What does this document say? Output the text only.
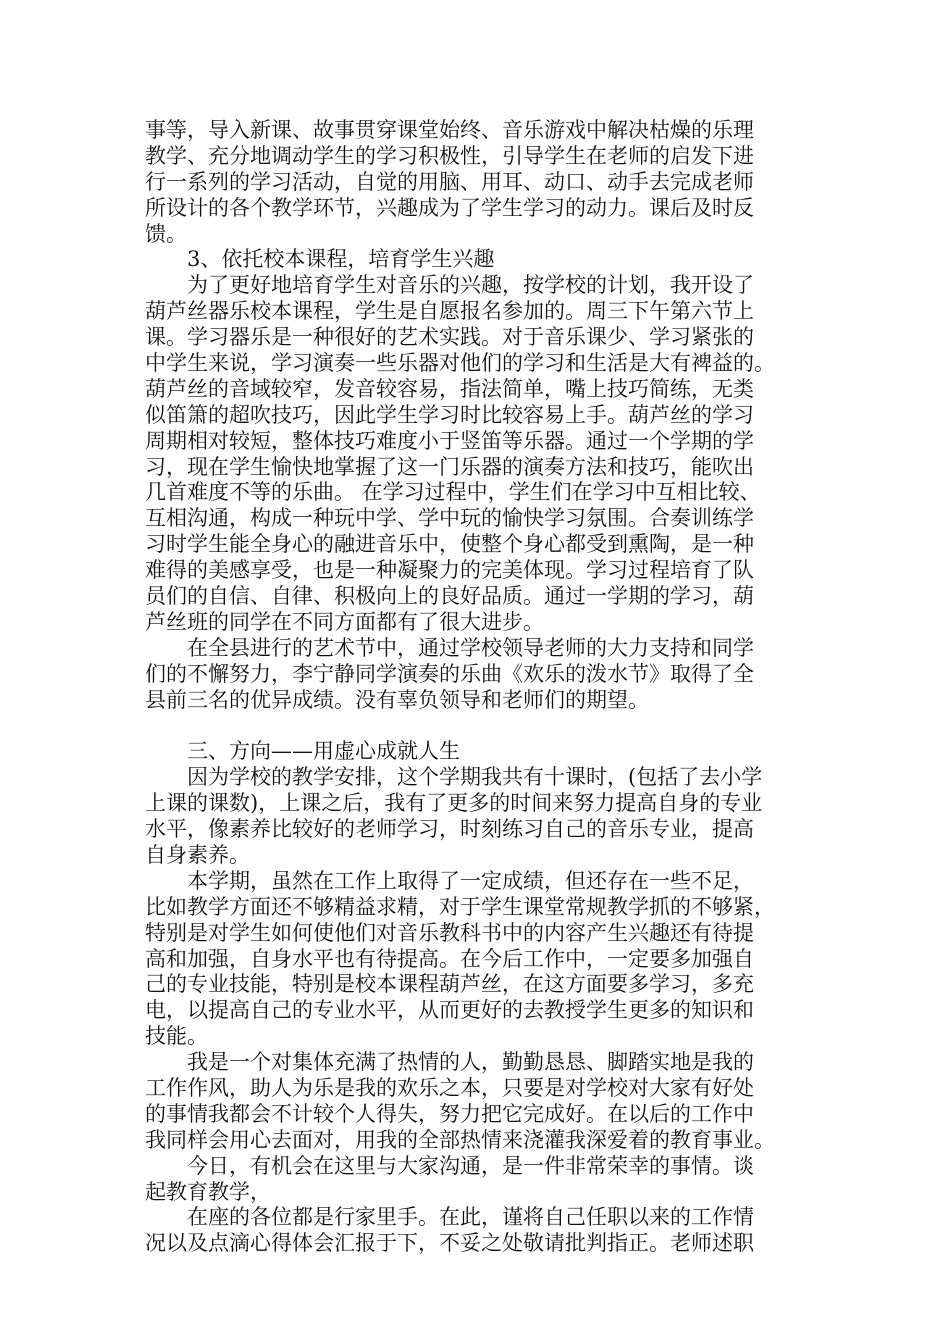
事等，导入新课、故事贯穿课堂始终、音乐游戏中解决枯燥的乐理
教学、充分地调动学生的学习积极性，引导学生在老师的启发下进
行一系列的学习活动，自觉的用脑、用耳、动口、动手去完成老师
所设计的各个教学环节，兴趣成为了学生学习的动力。课后及时反
馈。
3、依托校本课程，培育学生兴趣
为了更好地培育学生对音乐的兴趣，按学校的计划，我开设了
葫芦丝器乐校本课程，学生是自愿报名参加的。周三下午第六节上
课。学习器乐是一种很好的艺术实践。对于音乐课少、学习紧张的
中学生来说，学习演奏一些乐器对他们的学习和生活是大有裨益的。
葫芦丝的音域较窄，发音较容易，指法简单，嘴上技巧简练，无类
似笛箫的超吹技巧，因此学生学习时比较容易上手。葫芦丝的学习
周期相对较短，整体技巧难度小于竖笛等乐器。通过一个学期的学
习，现在学生愉快地掌握了这一门乐器的演奏方法和技巧，能吹出
几首难度不等的乐曲。 在学习过程中，学生们在学习中互相比较、
互相沟通，构成一种玩中学、学中玩的愉快学习氛围。合奏训练学
习时学生能全身心的融进音乐中，使整个身心都受到熏陶，是一种
难得的美感享受，也是一种凝聚力的完美体现。学习过程培育了队
员们的自信、自律、积极向上的良好品质。通过一学期的学习，葫
芦丝班的同学在不同方面都有了很大进步。
在全县进行的艺术节中，通过学校领导老师的大力支持和同学
们的不懈努力，李宁静同学演奏的乐曲《欢乐的泼水节》取得了全
县前三名的优异成绩。没有辜负领导和老师们的期望。
三、方向——用虚心成就人生
因为学校的教学安排，这个学期我共有十课时，(包括了去小学
上课的课数)，上课之后，我有了更多的时间来努力提高自身的专业
水平，像素养比较好的老师学习，时刻练习自己的音乐专业，提高
自身素养。
本学期，虽然在工作上取得了一定成绩，但还存在一些不足，
比如教学方面还不够精益求精，对于学生课堂常规教学抓的不够紧，
特别是对学生如何使他们对音乐教科书中的内容产生兴趣还有待提
高和加强，自身水平也有待提高。在今后工作中，一定要多加强自
己的专业技能，特别是校本课程葫芦丝，在这方面要多学习，多充
电，以提高自己的专业水平，从而更好的去教授学生更多的知识和
技能。
我是一个对集体充满了热情的人，勤勤恳恳、脚踏实地是我的
工作作风，助人为乐是我的欢乐之本，只要是对学校对大家有好处
的事情我都会不计较个人得失，努力把它完成好。在以后的工作中
我同样会用心去面对，用我的全部热情来浇灌我深爱着的教育事业。
今日，有机会在这里与大家沟通，是一件非常荣幸的事情。谈
起教育教学，
在座的各位都是行家里手。在此，谨将自己任职以来的工作情
况以及点滴心得体会汇报于下，不妥之处敬请批判指正。老师述职
